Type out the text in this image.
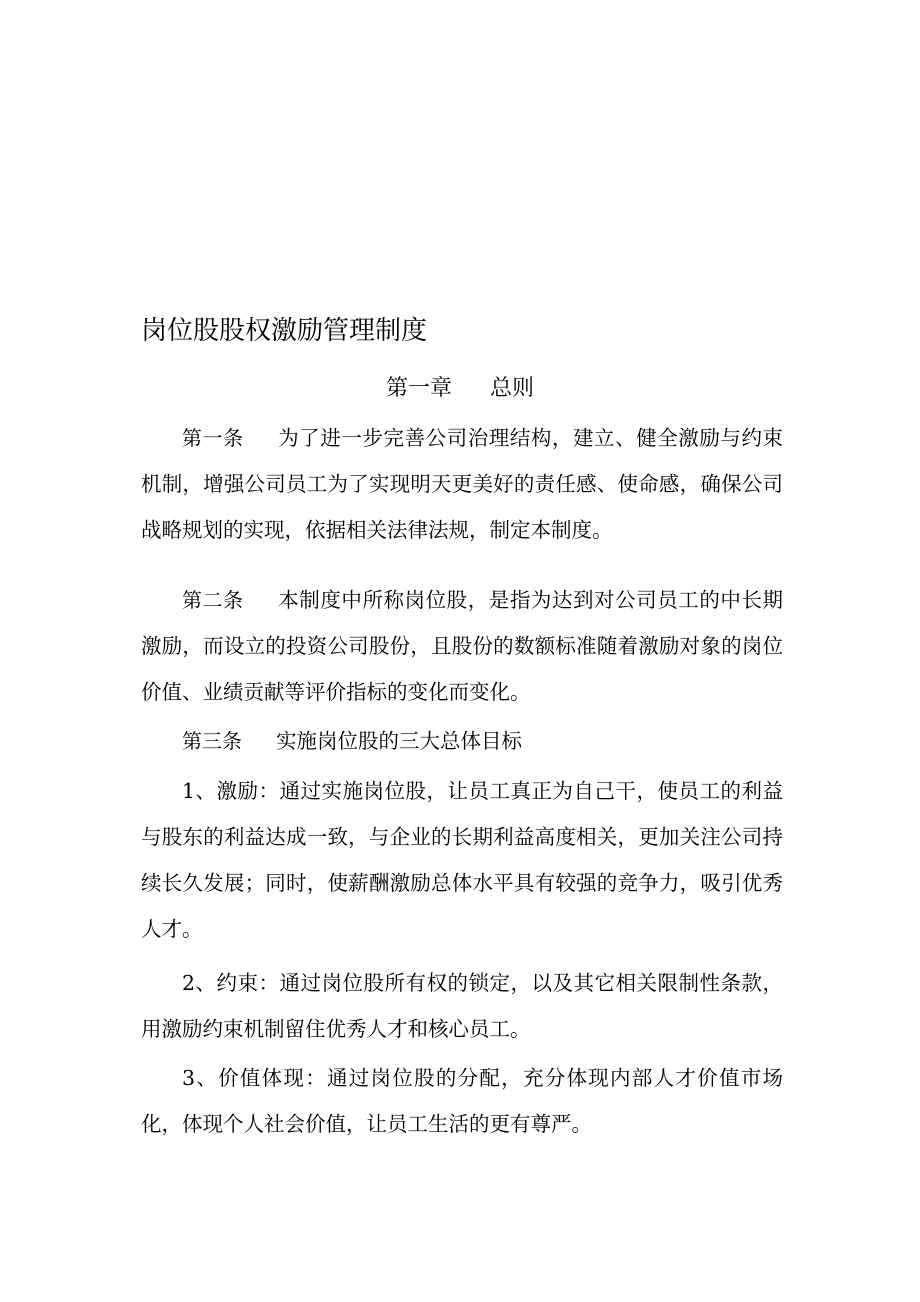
岗位股股权激励管理制度
第一章 总则

第一条 为了进一步完善公司治理结构，建立、健全激励与约束机制，增强公司员工为了实现明天更美好的责任感、使命感，确保公司战略规划的实现，依据相关法律法规，制定本制度。

第二条 本制度中所称岗位股，是指为达到对公司员工的中长期激励，而设立的投资公司股份，且股份的数额标准随着激励对象的岗位价值、业绩贡献等评价指标的变化而变化。

第三条 实施岗位股的三大总体目标

1、激励：通过实施岗位股，让员工真正为自己干，使员工的利益与股东的利益达成一致，与企业的长期利益高度相关，更加关注公司持续长久发展；同时，使薪酬激励总体水平具有较强的竞争力，吸引优秀人才。

2、约束：通过岗位股所有权的锁定，以及其它相关限制性条款，用激励约束机制留住优秀人才和核心员工。

3、价值体现：通过岗位股的分配，充分体现内部人才价值市场化，体现个人社会价值，让员工生活的更有尊严。
